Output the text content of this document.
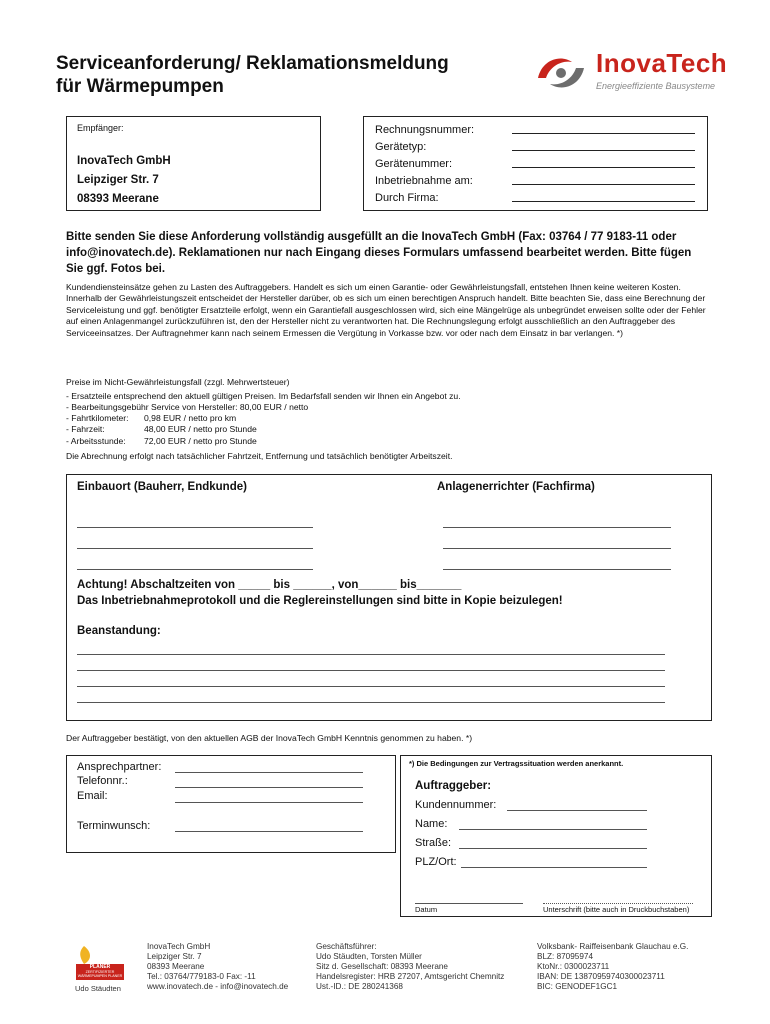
Serviceanforderung/ Reklamationsmeldung
für Wärmepumpen
InovaTech
Energieeffiziente Bausysteme
Empfänger:
InovaTech GmbH
Leipziger Str. 7
08393 Meerane
Rechnungsnummer:
Gerätetyp:
Gerätenummer:
Inbetriebnahme am:
Durch Firma:
Bitte senden Sie diese Anforderung vollständig ausgefüllt an die InovaTech GmbH (Fax: 03764 / 77 9183-11 oder info@inovatech.de). Reklamationen nur nach Eingang dieses Formulars umfassend bearbeitet werden. Bitte fügen Sie ggf. Fotos bei.
Kundendiensteinsätze gehen zu Lasten des Auftraggebers. Handelt es sich um einen Garantie- oder Gewährleistungsfall, entstehen Ihnen keine weiteren Kosten. Innerhalb der Gewährleistungszeit entscheidet der Hersteller darüber, ob es sich um einen berechtigen Anspruch handelt. Bitte beachten Sie, dass eine Berechnung der Serviceleistung und ggf. benötigter Ersatzteile erfolgt, wenn ein Garantiefall ausgeschlossen wird, sich eine Mängelrüge als unbegründet erweisen sollte oder der Fehler auf einen Anlagenmangel zurückzuführen ist, den der Hersteller nicht zu verantworten hat. Die Rechnungslegung erfolgt ausschließlich an den Auftraggeber des Serviceeinsatzes. Der Auftragnehmer kann nach seinem Ermessen die Vergütung in Vorkasse bzw. vor oder nach dem Einsatz in bar verlangen. *)
Preise im Nicht-Gewährleistungsfall (zzgl. Mehrwertsteuer)
- Ersatzteile entsprechend den aktuell gültigen Preisen. Im Bedarfsfall senden wir Ihnen ein Angebot zu.
- Bearbeitungsgebühr Service von Hersteller: 80,00 EUR / netto
- Fahrtkilometer:	0,98 EUR / netto pro km
- Fahrzeit:	48,00 EUR / netto pro Stunde
- Arbeitsstunde:	72,00 EUR / netto pro Stunde
Die Abrechnung erfolgt nach tatsächlicher Fahrtzeit, Entfernung und tatsächlich benötigter Arbeitszeit.
Einbauort (Bauherr, Endkunde)	Anlagenerrichter (Fachfirma)
Achtung! Abschaltzeiten von _____ bis ______, von______ bis_______
Das Inbetriebnahmeprotokoll und die Reglereinstellungen sind bitte in Kopie beizulegen!
Beanstandung:
Der Auftraggeber bestätigt, von den aktuellen AGB der InovaTech GmbH Kenntnis genommen zu haben. *)
Ansprechpartner:
Telefonnr.:
Email:
Terminwunsch:
*) Die Bedingungen zur Vertragssituation werden anerkannt.
Auftraggeber:
Kundennummer:
Name:
Straße:
PLZ/Ort:
Datum	Unterschrift (bitte auch in Druckbuchstaben)
PLANER
ZERTIFIZIERTER WÄRMEPUMPEN PLANER
Udo Stäudten
InovaTech GmbH
Leipziger Str. 7
08393 Meerane
Tel.: 03764/779183-0 Fax: -11
www.inovatech.de - info@inovatech.de
Geschäftsführer:
Udo Stäudten, Torsten Müller
Sitz d. Gesellschaft: 08393 Meerane
Handelsregister: HRB 27207, Amtsgericht Chemnitz
Ust.-ID.: DE 280241368
Volksbank- Raiffeisenbank Glauchau e.G.
BLZ: 87095974
KtoNr.: 0300023711
IBAN: DE 13870959740300023711
BIC: GENODEF1GC1
